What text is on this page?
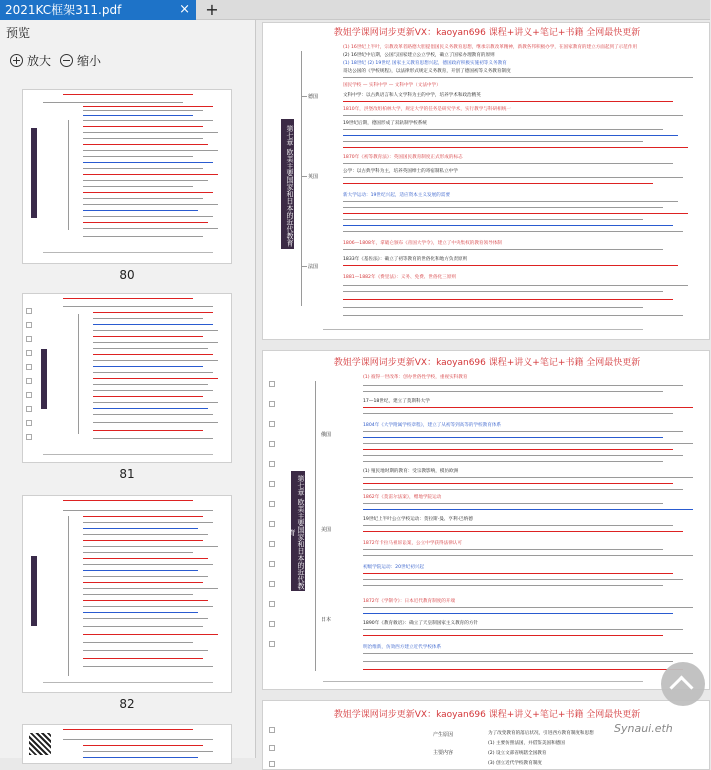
2021KC框架311.pdf	× +
预览
放大 缩小
80
81
82
教姐学课网词步更新VX：kaoyan696 课程+讲义+笔记+书籍 全网最快更新
第七章 欧美主要国家和日本的近代教育
德国
英国
法国
(1) 16世纪上半叶，宗教改革者路德大胆提倡国民义务教育思想，继承宗教改革精神，新教各邦积极办学，在国家教育的建立方面起到了示范作用
(2) 16世纪中后期，公国与国家建立公立学校，确立了国家办理教育的原则
(1) 18世纪 (2) 19世纪 国家主义教育思想兴起，德国政府积极实施初等义务教育
哥达公国的《学校规程》，以法律形式规定义务教育，开创了德国初等义务教育制度
国民学校 — 实科中学 — 文科中学（文法中学）
文科中学：以古典语言和人文学科为主的中学，培养学术和政治精英
1810年，洪堡改组柏林大学，规定大学的任务是研究学术，实行教学与科研相统一
19世纪后期，德国形成了双轨制学校系统
1870年《初等教育法》：英国国民教育制度正式形成的标志
公学：以古典学科为主，培养英国绅士的寄宿制私立中学
新大学运动：19世纪兴起，适应资本主义发展的需要
1806—1808年，拿破仑颁布《帝国大学令》，建立了中央集权的教育领导体制
1833年《基佐法》：确立了初等教育的世俗化和地方负责原则
1881—1882年《费里法》：义务、免费、世俗化三原则
教姐学课网词步更新VX：kaoyan696 课程+讲义+笔记+书籍 全网最快更新
第七章 欧美主要国家和日本的近代教育
俄国
美国
日本
(1) 彼得一世改革：创办世俗性学校，重视实科教育
17—18世纪，建立了莫斯科大学
1804年《大学附属学校章程》，建立了从初等到高等的学校教育体系
(1) 殖民地时期的教育：受宗教影响，模仿欧洲
1862年《莫雷尔法案》，赠地学院运动
19世纪上半叶公立学校运动：贺拉斯·曼、亨利·巴纳德
1872年卡拉马祖诉讼案，公立中学获得法律认可
初级学院运动：20世纪初兴起
1872年《学制令》：日本近代教育制度的开端
1890年《教育敕语》：确立了天皇制国家主义教育的方针
明治维新，仿效西方建立近代学校体系
教姐学课网词步更新VX：kaoyan696 课程+讲义+笔记+书籍 全网最快更新
产生原因
主要内容
为了改变教育的落后状况，引进西方教育制度和思想
(1) 主要仿照法国，并借鉴美国和德国
(2) 设立文部省统辖全国教育
(3) 创立近代学校教育制度
Synaui.eth
